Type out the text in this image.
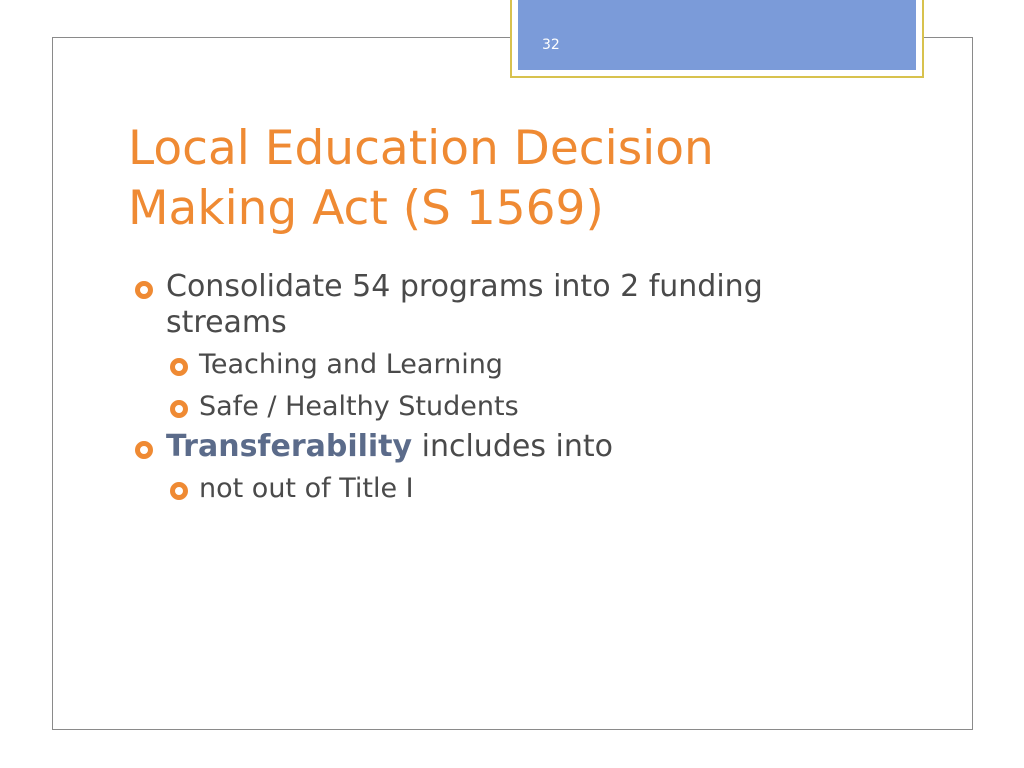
32
Local Education Decision
Making Act (S 1569)
Consolidate 54 programs into 2 funding streams
Teaching and Learning
Safe / Healthy Students
Transferability includes into
not out of Title I
